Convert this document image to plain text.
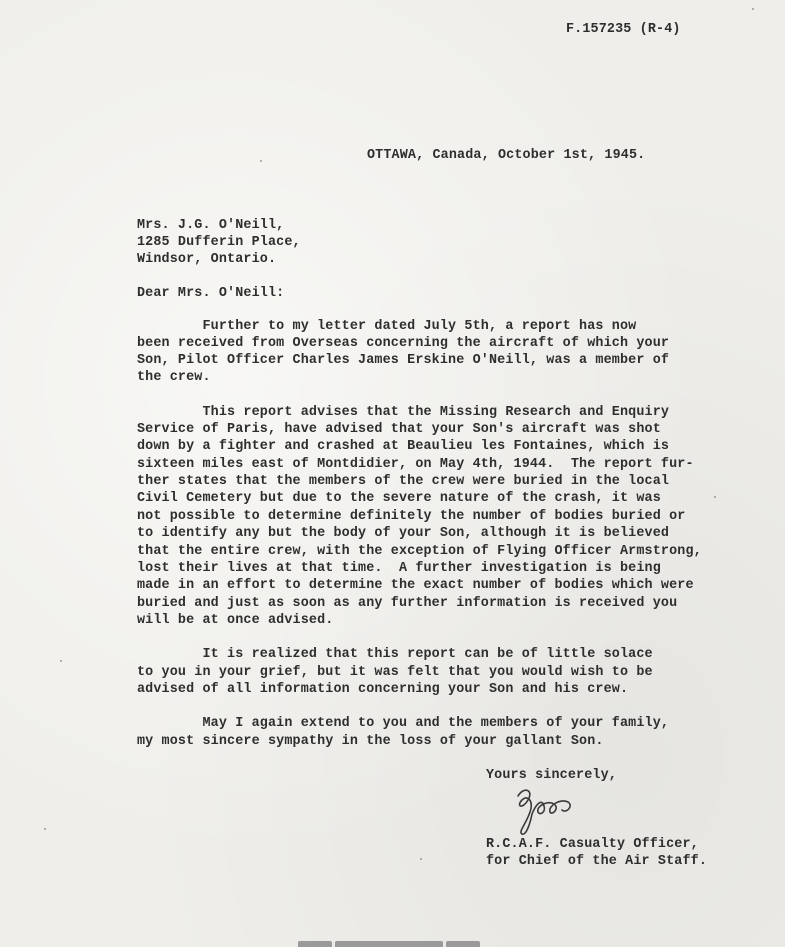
F.157235 (R-4)
OTTAWA, Canada, October 1st, 1945.
Mrs. J.G. O'Neill,
1285 Dufferin Place,
Windsor, Ontario.
Dear Mrs. O'Neill:
Further to my letter dated July 5th, a report has now
been received from Overseas concerning the aircraft of which your
Son, Pilot Officer Charles James Erskine O'Neill, was a member of
the crew.
This report advises that the Missing Research and Enquiry
Service of Paris, have advised that your Son's aircraft was shot
down by a fighter and crashed at Beaulieu les Fontaines, which is
sixteen miles east of Montdidier, on May 4th, 1944.  The report fur-
ther states that the members of the crew were buried in the local
Civil Cemetery but due to the severe nature of the crash, it was
not possible to determine definitely the number of bodies buried or
to identify any but the body of your Son, although it is believed
that the entire crew, with the exception of Flying Officer Armstrong,
lost their lives at that time.  A further investigation is being
made in an effort to determine the exact number of bodies which were
buried and just as soon as any further information is received you
will be at once advised.
It is realized that this report can be of little solace
to you in your grief, but it was felt that you would wish to be
advised of all information concerning your Son and his crew.
May I again extend to you and the members of your family,
my most sincere sympathy in the loss of your gallant Son.
Yours sincerely,
R.C.A.F. Casualty Officer,
for Chief of the Air Staff.
